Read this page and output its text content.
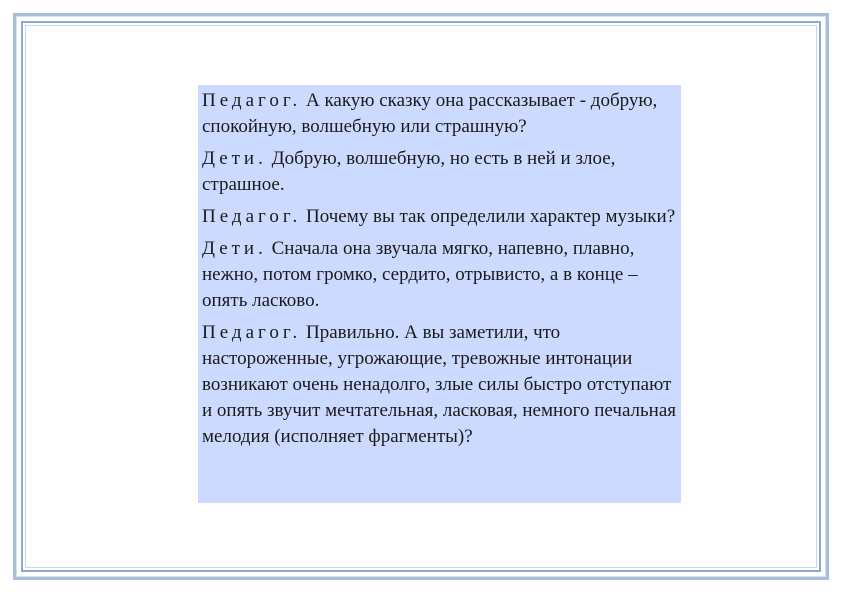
Педагог. А какую сказку она рассказывает - добрую, спокойную, волшебную или страшную?

Дети. Добрую, волшебную, но есть в ней и злое, страшное.

Педагог. Почему вы так определили характер музыки?

Дети. Сначала она звучала мягко, напевно, плавно, нежно, потом громко, сердито, отрывисто, а в конце – опять ласково.

Педагог. Правильно. А вы заметили, что настороженные, угрожающие, тревожные интонации возникают очень ненадолго, злые силы быстро отступают и опять звучит мечтательная, ласковая, немного печальная мелодия (исполняет фрагменты)?
